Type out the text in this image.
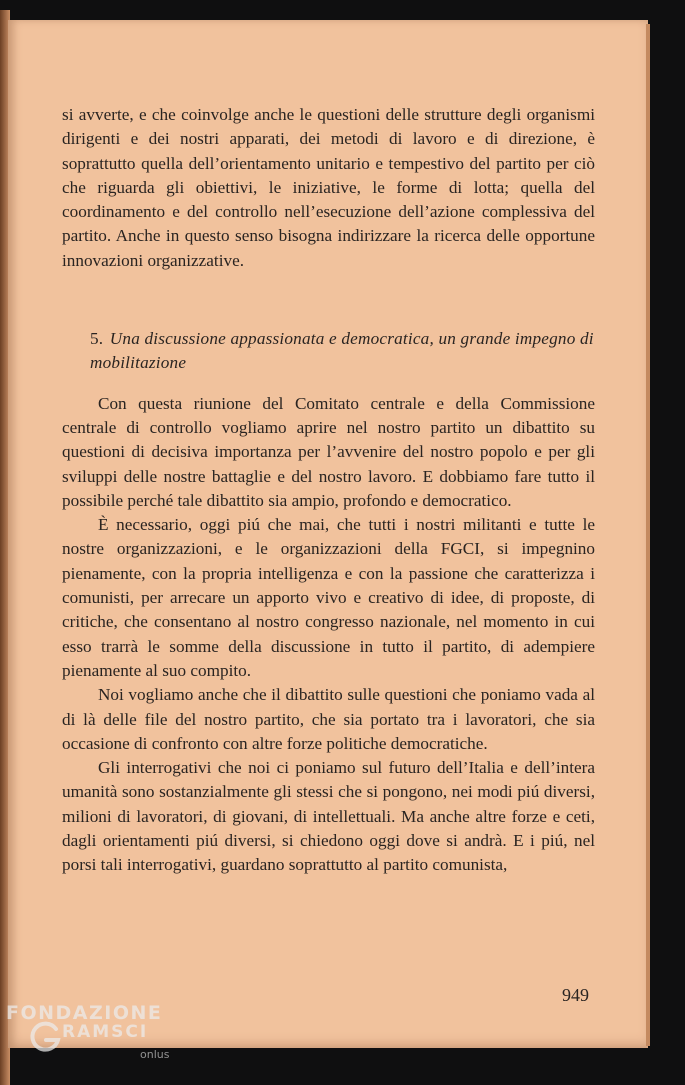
si avverte, e che coinvolge anche le questioni delle strutture degli organismi dirigenti e dei nostri apparati, dei metodi di lavoro e di direzione, è soprattutto quella dell’orientamento unitario e tempestivo del partito per ciò che riguarda gli obiettivi, le iniziative, le forme di lotta; quella del coordinamento e del controllo nell’esecuzione dell’azione complessiva del partito. Anche in questo senso bisogna indirizzare la ricerca delle opportune innovazioni organizzative.

5. Una discussione appassionata e democratica, un grande impegno di mobilitazione

Con questa riunione del Comitato centrale e della Commissione centrale di controllo vogliamo aprire nel nostro partito un dibattito su questioni di decisiva importanza per l’avvenire del nostro popolo e per gli sviluppi delle nostre battaglie e del nostro lavoro. E dobbiamo fare tutto il possibile perché tale dibattito sia ampio, profondo e democratico.

È necessario, oggi piú che mai, che tutti i nostri militanti e tutte le nostre organizzazioni, e le organizzazioni della FGCI, si impegnino pienamente, con la propria intelligenza e con la passione che caratterizza i comunisti, per arrecare un apporto vivo e creativo di idee, di proposte, di critiche, che consentano al nostro congresso nazionale, nel momento in cui esso trarrà le somme della discussione in tutto il partito, di adempiere pienamente al suo compito.

Noi vogliamo anche che il dibattito sulle questioni che poniamo vada al di là delle file del nostro partito, che sia portato tra i lavoratori, che sia occasione di confronto con altre forze politiche democratiche.

Gli interrogativi che noi ci poniamo sul futuro dell’Italia e dell’intera umanità sono sostanzialmente gli stessi che si pongono, nei modi piú diversi, milioni di lavoratori, di giovani, di intellettuali. Ma anche altre forze e ceti, dagli orientamenti piú diversi, si chiedono oggi dove si andrà. E i piú, nel porsi tali interrogativi, guardano soprattutto al partito comunista,

949
FONDAZIONE
RAMSCI
onlus
